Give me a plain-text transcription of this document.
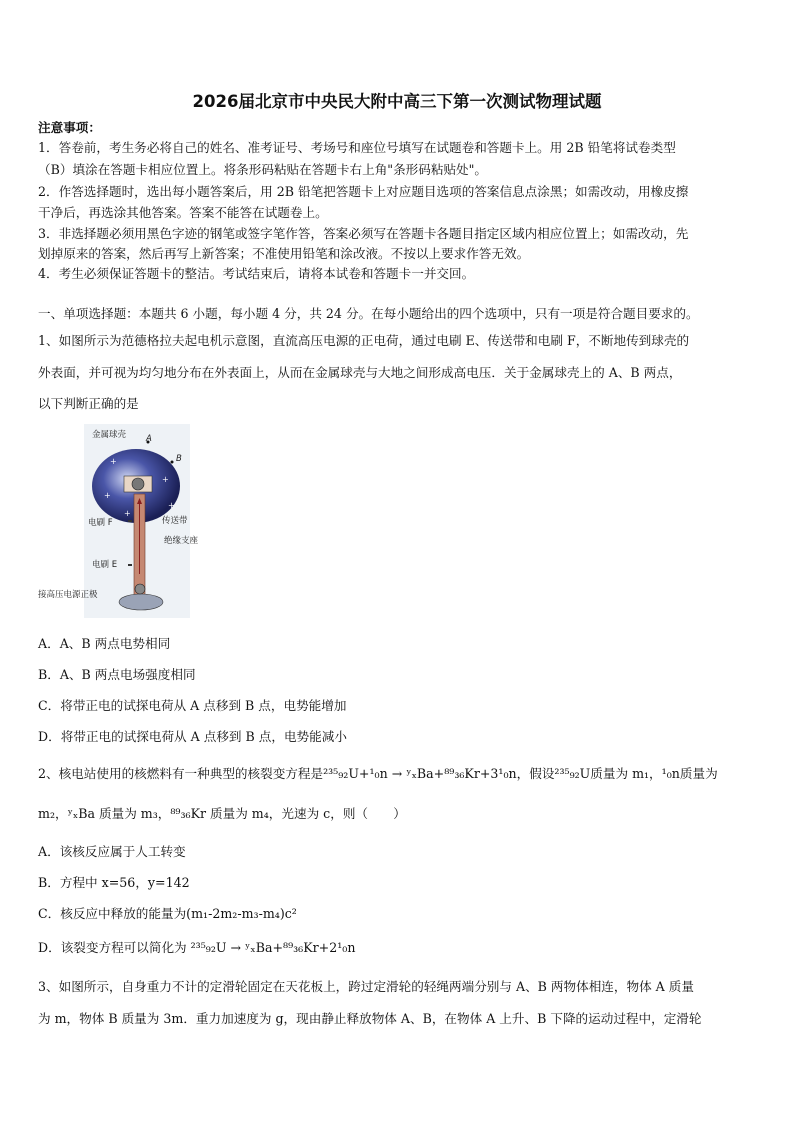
2026届北京市中央民大附中高三下第一次测试物理试题
注意事项：
1．答卷前，考生务必将自己的姓名、准考证号、考场号和座位号填写在试题卷和答题卡上。用 2B 铅笔将试卷类型
（B）填涂在答题卡相应位置上。将条形码粘贴在答题卡右上角"条形码粘贴处"。
2．作答选择题时，选出每小题答案后，用 2B 铅笔把答题卡上对应题目选项的答案信息点涂黑；如需改动，用橡皮擦
干净后，再选涂其他答案。答案不能答在试题卷上。
3．非选择题必须用黑色字迹的钢笔或签字笔作答，答案必须写在答题卡各题目指定区域内相应位置上；如需改动，先
划掉原来的答案，然后再写上新答案；不准使用铅笔和涂改液。不按以上要求作答无效。
4．考生必须保证答题卡的整洁。考试结束后，请将本试卷和答题卡一并交回。
一、单项选择题：本题共 6 小题，每小题 4 分，共 24 分。在每小题给出的四个选项中，只有一项是符合题目要求的。
1、如图所示为范德格拉夫起电机示意图，直流高压电源的正电荷，通过电刷 E、传送带和电刷 F，不断地传到球壳的
外表面，并可视为均匀地分布在外表面上，从而在金属球壳与大地之间形成高电压．关于金属球壳上的 A、B 两点，
以下判断正确的是
+
+
+
+
+
金属球壳 A
B
电刷 F	传送带
绝缘支座
电刷 E
接高压电源正极
A．A、B 两点电势相同
B．A、B 两点电场强度相同
C．将带正电的试探电荷从 A 点移到 B 点，电势能增加
D．将带正电的试探电荷从 A 点移到 B 点，电势能减小
2、核电站使用的核燃料有一种典型的核裂变方程是²³⁵₉₂U+¹₀n → ʸₓBa+⁸⁹₃₆Kr+3¹₀n，假设²³⁵₉₂U质量为 m₁，¹₀n质量为
m₂，ʸₓBa 质量为 m₃，⁸⁹₃₆Kr 质量为 m₄，光速为 c，则（　　）
A．该核反应属于人工转变
B．方程中 x=56，y=142
C．核反应中释放的能量为(m₁-2m₂-m₃-m₄)c²
D．该裂变方程可以简化为 ²³⁵₉₂U → ʸₓBa+⁸⁹₃₆Kr+2¹₀n
3、如图所示，自身重力不计的定滑轮固定在天花板上，跨过定滑轮的轻绳两端分别与 A、B 两物体相连，物体 A 质量
为 m，物体 B 质量为 3m．重力加速度为 g，现由静止释放物体 A、B，在物体 A 上升、B 下降的运动过程中，定滑轮
